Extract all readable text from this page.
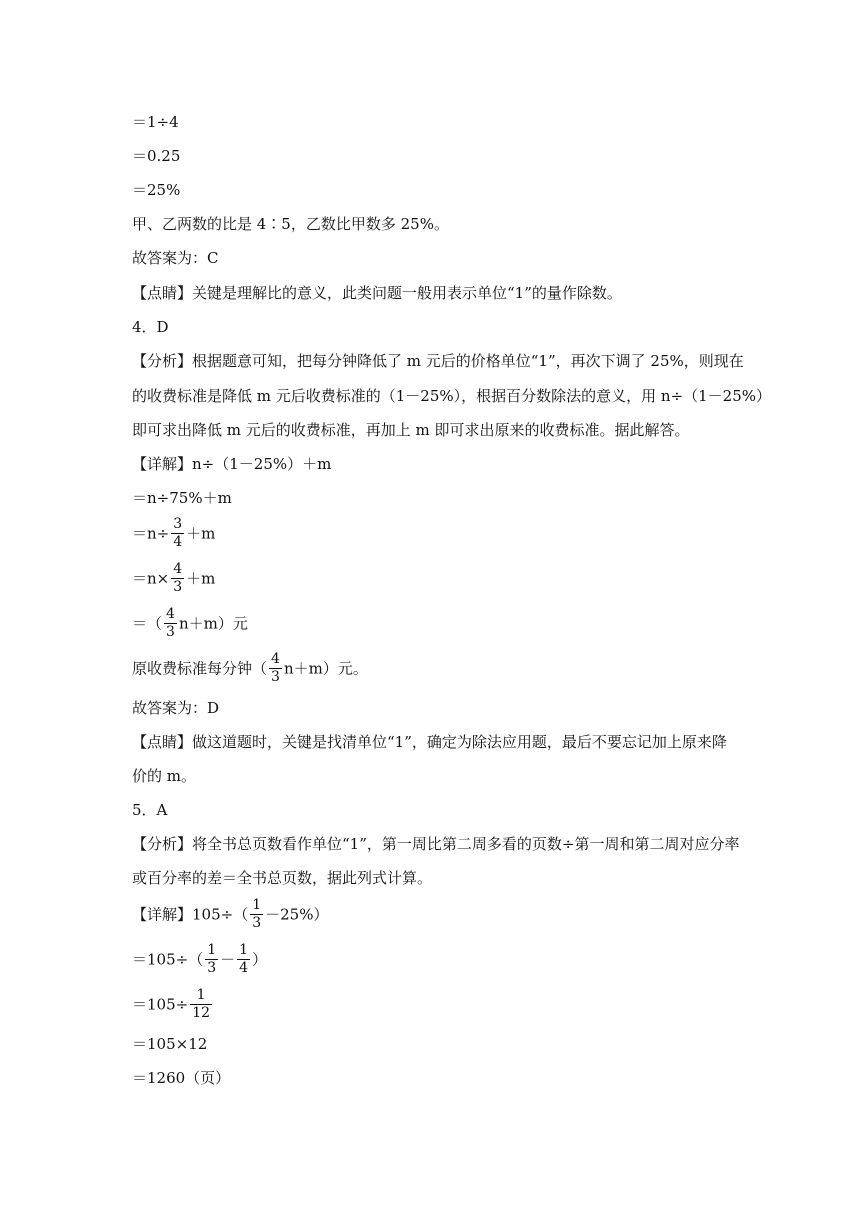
＝1÷4
＝0.25
＝25%
甲、乙两数的比是 4∶5，乙数比甲数多 25%。
故答案为：C
【点睛】关键是理解比的意义，此类问题一般用表示单位“1”的量作除数。
4．D
【分析】根据题意可知，把每分钟降低了 m 元后的价格单位“1”，再次下调了 25%，则现在
的收费标准是降低 m 元后收费标准的（1－25%），根据百分数除法的意义，用 n÷（1－25%）
即可求出降低 m 元后的收费标准，再加上 m 即可求出原来的收费标准。据此解答。
【详解】n÷（1－25%）＋m
＝n÷75%＋m
$=n\div \frac{3}{4} +m$
$=n\times \frac{4}{3} +m$
＝（ $\frac{4}{3} n+m$）元
原收费标准每分钟（ $\frac{4}{3} n+m$）元。
故答案为：D
【点睛】做这道题时，关键是找清单位“1”，确定为除法应用题，最后不要忘记加上原来降
价的 m。
5．A
【分析】将全书总页数看作单位“1”，第一周比第二周多看的页数÷第一周和第二周对应分率
或百分率的差＝全书总页数，据此列式计算。
【详解】$105\div( \frac{1}{3} -25\%)$
$=105\div( \frac{1}{3} - \frac{1}{4}$ ）
$=105\div \frac{1}{12}$
＝105×12
＝1260（页）
